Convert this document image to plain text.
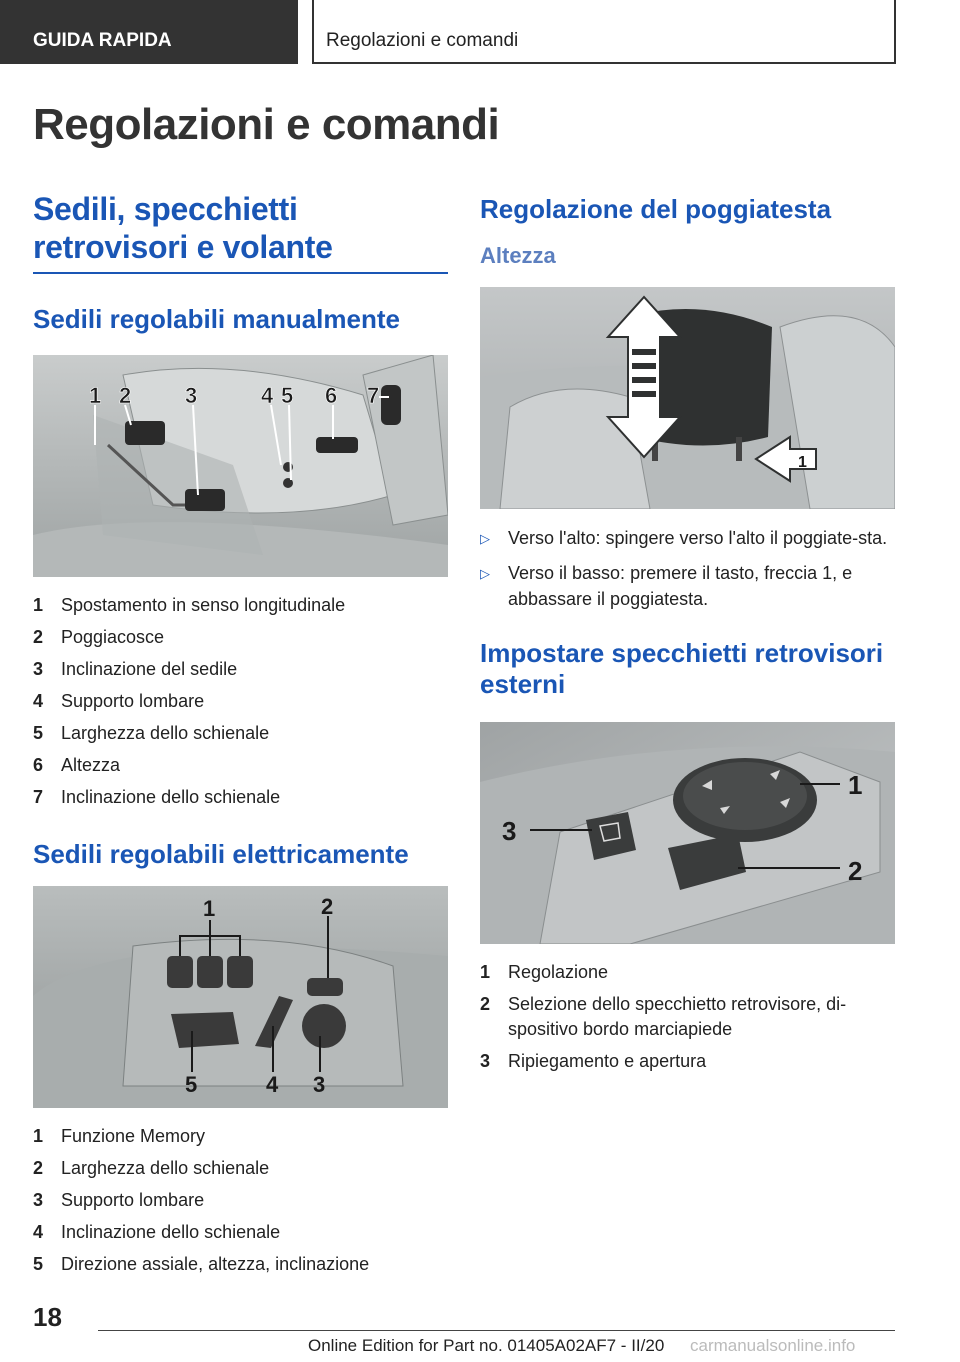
GUIDA RAPIDA	Regolazioni e comandi
Regolazioni e comandi
Sedili, specchietti
retrovisori e volante
Sedili regolabili manualmente
1 2 3	4 5 6 7
1 Spostamento in senso longitudinale
2 Poggiacosce
3 Inclinazione del sedile
4 Supporto lombare
5 Larghezza dello schienale
6 Altezza
7 Inclinazione dello schienale
Sedili regolabili elettricamente
1	2
5	4 3
1 Funzione Memory
2 Larghezza dello schienale
3 Supporto lombare
4 Inclinazione dello schienale
5 Direzione assiale, altezza, inclinazione
Regolazione del poggiatesta
Altezza
1
▷	Verso l'alto: spingere verso l'alto il poggiate-sta.
▷	Verso il basso: premere il tasto, freccia 1, e abbassare il poggiatesta.
Impostare specchietti retrovisori
esterni
1
2
3
1 Regolazione
2 Selezione dello specchietto retrovisore, di-spositivo bordo marciapiede
3 Ripiegamento e apertura
18
Online Edition for Part no. 01405A02AF7 - II/20 carmanualsonline.info
